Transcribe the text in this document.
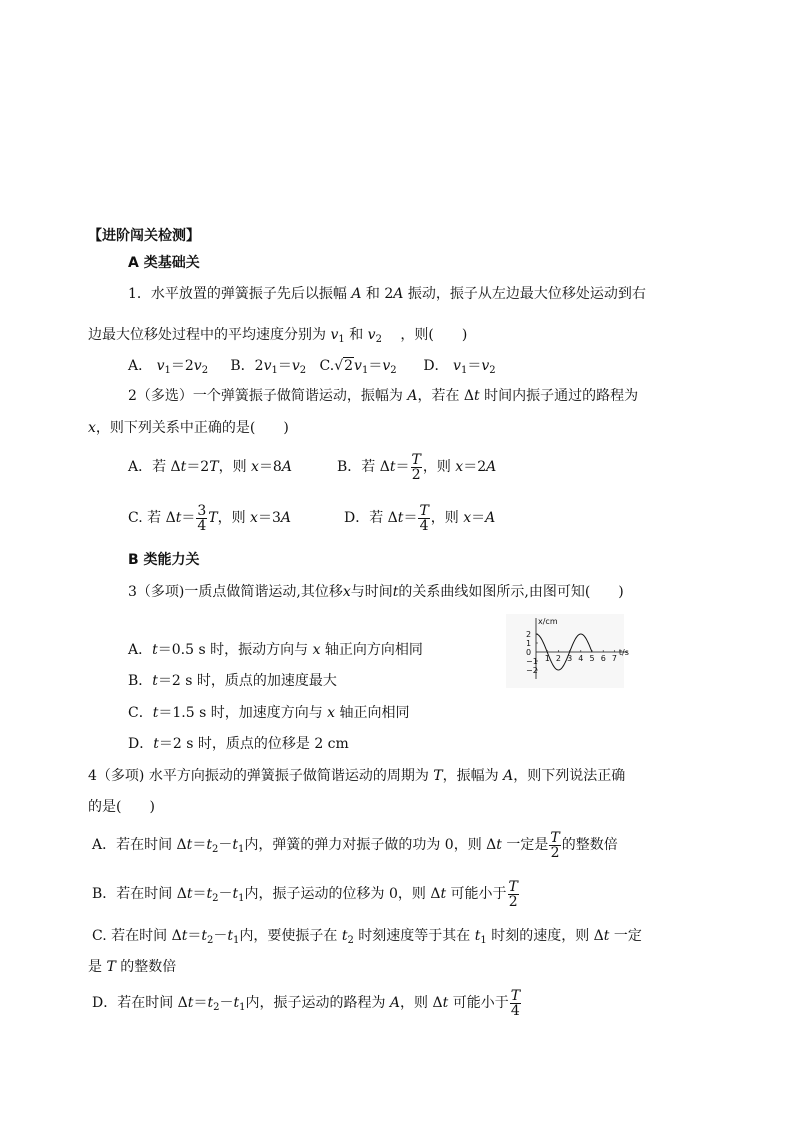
【进阶闯关检测】
A 类基础关
1．水平放置的弹簧振子先后以振幅 A 和 2A 振动，振子从左边最大位移处运动到右
边最大位移处过程中的平均速度分别为 $v_1$ 和 $v_2$　 ，则(　　)
A． $v_1=2v_2$ B．$2v_1=v_2$ $C.√2v_1=v_2$ D． $v_1=v_2$
2（多选）一个弹簧振子做简谐运动，振幅为 A，若在 Δt 时间内振子通过的路程为
x，则下列关系中正确的是(　　)
A．若 Δt＝2T，则 x＝8A	B．若 $\Delta t= \frac{T}{2}$ ，则 x＝2A
C. 若 $\Delta t= \frac{3}{4}$ T，则 x＝3A	D．若 $\Delta t= \frac{T}{4}$ ，则 x＝A
B 类能力关
3（多项)一质点做简谐运动,其位移x与时间t的关系曲线如图所示,由图可知(　　)
A．t＝0.5 s 时，振动方向与 x 轴正向方向相同
B．t＝2 s 时，质点的加速度最大
C．t＝1.5 s 时，加速度方向与 x 轴正向相同
D．t＝2 s 时，质点的位移是 2 cm
x/cm
t/s
2
1
0
−1
−2
1 2 3 4 5 6 7
4（多项) 水平方向振动的弹簧振子做简谐运动的周期为 T，振幅为 A，则下列说法正确
的是(　　)
A．若在时间 $\Delta t=t_2-t_1$内，弹簧的弹力对振子做的功为 0，则 Δt 一定是 $\frac{T}{2}$ 的整数倍
B．若在时间 $\Delta t=t_2-t_1$内，振子运动的位移为 0，则 Δt 可能小于 $\frac{T}{2}$
C. 若在时间 $\Delta t=t_2-t_1$内，要使振子在 $t_2$ 时刻速度等于其在 $t_1$ 时刻的速度，则 Δt 一定
是 T 的整数倍
D．若在时间 $\Delta t=t_2-t_1$内，振子运动的路程为 A，则 Δt 可能小于 $\frac{T}{4}$
